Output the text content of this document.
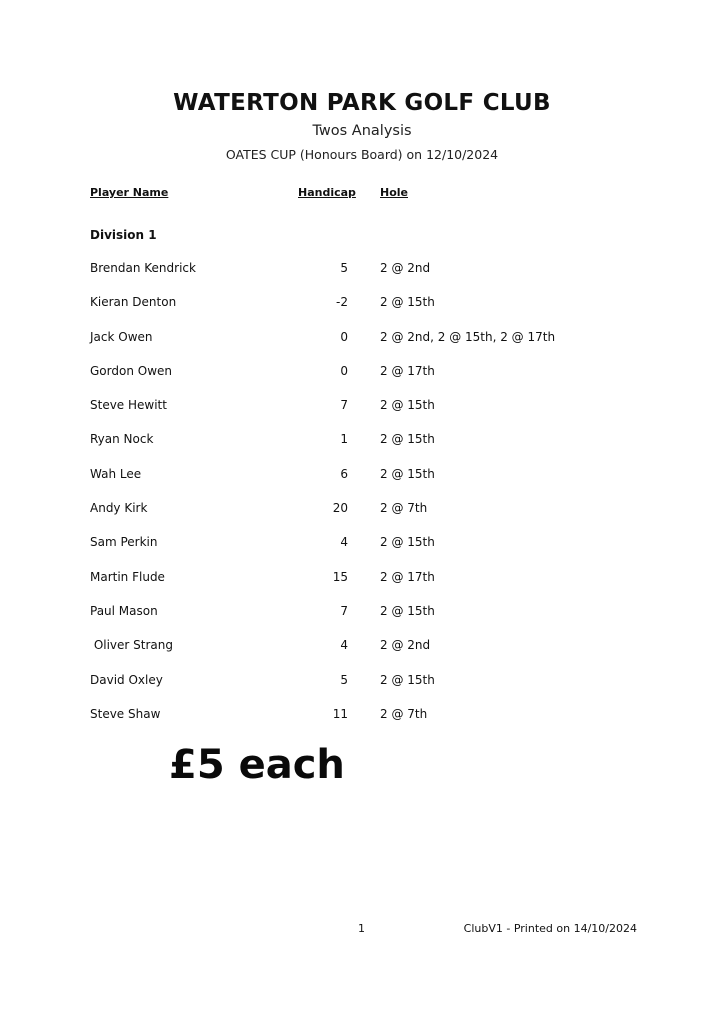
WATERTON PARK GOLF CLUB
Twos Analysis
OATES CUP (Honours Board) on 12/10/2024
Player Name	Handicap Hole
Division 1
Brendan Kendrick	5	2 @ 2nd
Kieran Denton	-2	2 @ 15th
Jack Owen	0	2 @ 2nd, 2 @ 15th, 2 @ 17th
Gordon Owen	0	2 @ 17th
Steve Hewitt	7	2 @ 15th
Ryan Nock	1	2 @ 15th
Wah Lee	6	2 @ 15th
Andy Kirk	20	2 @ 7th
Sam Perkin	4	2 @ 15th
Martin Flude	15	2 @ 17th
Paul Mason	7	2 @ 15th
Oliver Strang	4	2 @ 2nd
David Oxley	5	2 @ 15th
Steve Shaw	11	2 @ 7th
£5 each
1	ClubV1 - Printed on 14/10/2024
